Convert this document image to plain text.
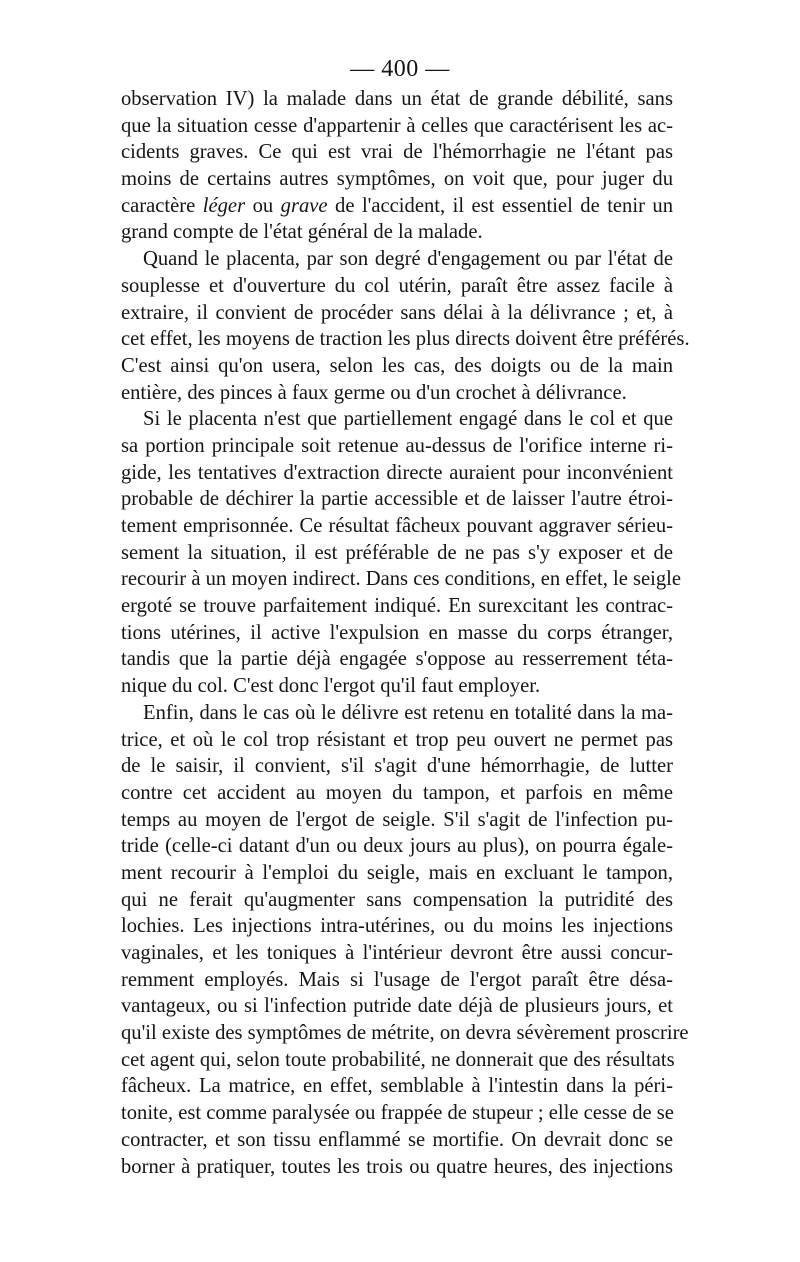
— 400 —
observation IV) la malade dans un état de grande débilité, sans
que la situation cesse d'appartenir à celles que caractérisent les ac-
cidents graves. Ce qui est vrai de l'hémorrhagie ne l'étant pas
moins de certains autres symptômes, on voit que, pour juger du
caractère léger ou grave de l'accident, il est essentiel de tenir un
grand compte de l'état général de la malade.
Quand le placenta, par son degré d'engagement ou par l'état de
souplesse et d'ouverture du col utérin, paraît être assez facile à
extraire, il convient de procéder sans délai à la délivrance ; et, à
cet effet, les moyens de traction les plus directs doivent être préférés.
C'est ainsi qu'on usera, selon les cas, des doigts ou de la main
entière, des pinces à faux germe ou d'un crochet à délivrance.
Si le placenta n'est que partiellement engagé dans le col et que
sa portion principale soit retenue au-dessus de l'orifice interne ri-
gide, les tentatives d'extraction directe auraient pour inconvénient
probable de déchirer la partie accessible et de laisser l'autre étroi-
tement emprisonnée. Ce résultat fâcheux pouvant aggraver sérieu-
sement la situation, il est préférable de ne pas s'y exposer et de
recourir à un moyen indirect. Dans ces conditions, en effet, le seigle
ergoté se trouve parfaitement indiqué. En surexcitant les contrac-
tions utérines, il active l'expulsion en masse du corps étranger,
tandis que la partie déjà engagée s'oppose au resserrement téta-
nique du col. C'est donc l'ergot qu'il faut employer.
Enfin, dans le cas où le délivre est retenu en totalité dans la ma-
trice, et où le col trop résistant et trop peu ouvert ne permet pas
de le saisir, il convient, s'il s'agit d'une hémorrhagie, de lutter
contre cet accident au moyen du tampon, et parfois en même
temps au moyen de l'ergot de seigle. S'il s'agit de l'infection pu-
tride (celle-ci datant d'un ou deux jours au plus), on pourra égale-
ment recourir à l'emploi du seigle, mais en excluant le tampon,
qui ne ferait qu'augmenter sans compensation la putridité des
lochies. Les injections intra-utérines, ou du moins les injections
vaginales, et les toniques à l'intérieur devront être aussi concur-
remment employés. Mais si l'usage de l'ergot paraît être désa-
vantageux, ou si l'infection putride date déjà de plusieurs jours, et
qu'il existe des symptômes de métrite, on devra sévèrement proscrire
cet agent qui, selon toute probabilité, ne donnerait que des résultats
fâcheux. La matrice, en effet, semblable à l'intestin dans la péri-
tonite, est comme paralysée ou frappée de stupeur ; elle cesse de se
contracter, et son tissu enflammé se mortifie. On devrait donc se
borner à pratiquer, toutes les trois ou quatre heures, des injections
